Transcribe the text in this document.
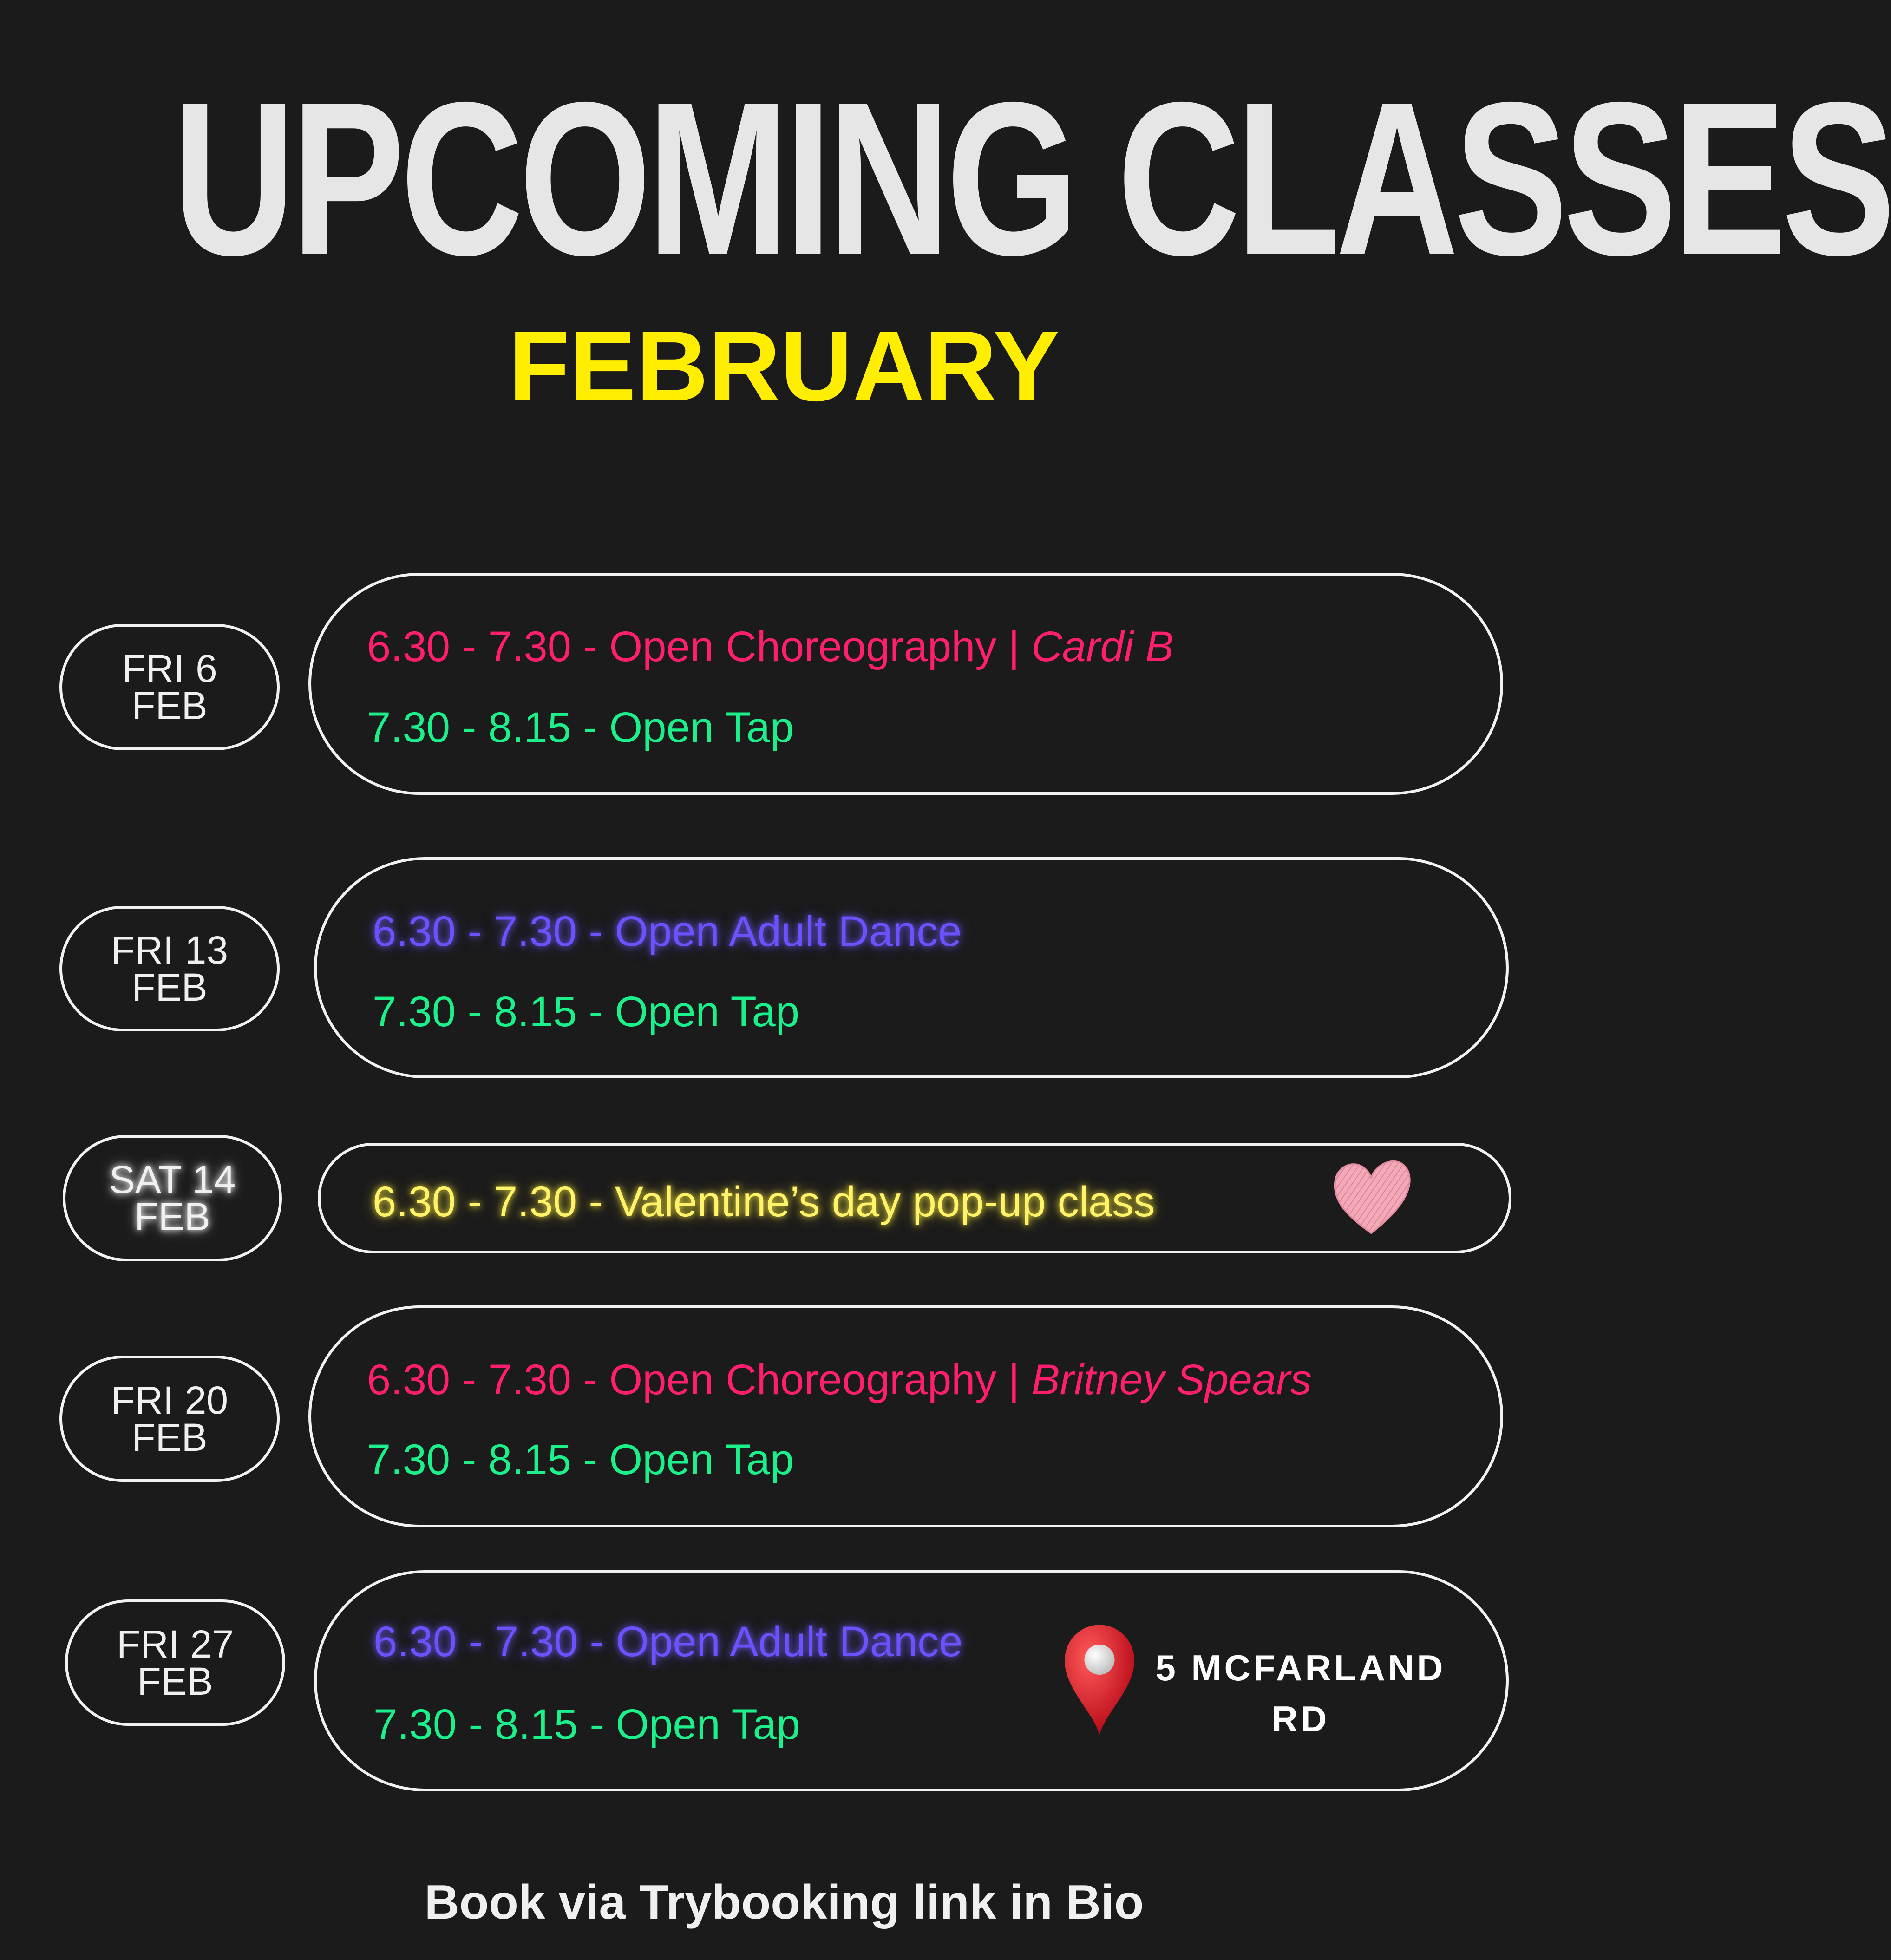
UPCOMING CLASSES
FEBRUARY
FRI 6
FEB
6.30 - 7.30 - Open Choreography | Cardi B
7.30 - 8.15 - Open Tap
FRI 13
FEB
6.30 - 7.30 - Open Adult Dance
7.30 - 8.15 - Open Tap
SAT 14
FEB	6.30 - 7.30 - Valentine’s day pop-up class
FRI 20
FEB
6.30 - 7.30 - Open Choreography | Britney Spears
7.30 - 8.15 - Open Tap
FRI 27
FEB
6.30 - 7.30 - Open Adult Dance
7.30 - 8.15 - Open Tap
5 MCFARLAND
RD
Book via Trybooking link in Bio
